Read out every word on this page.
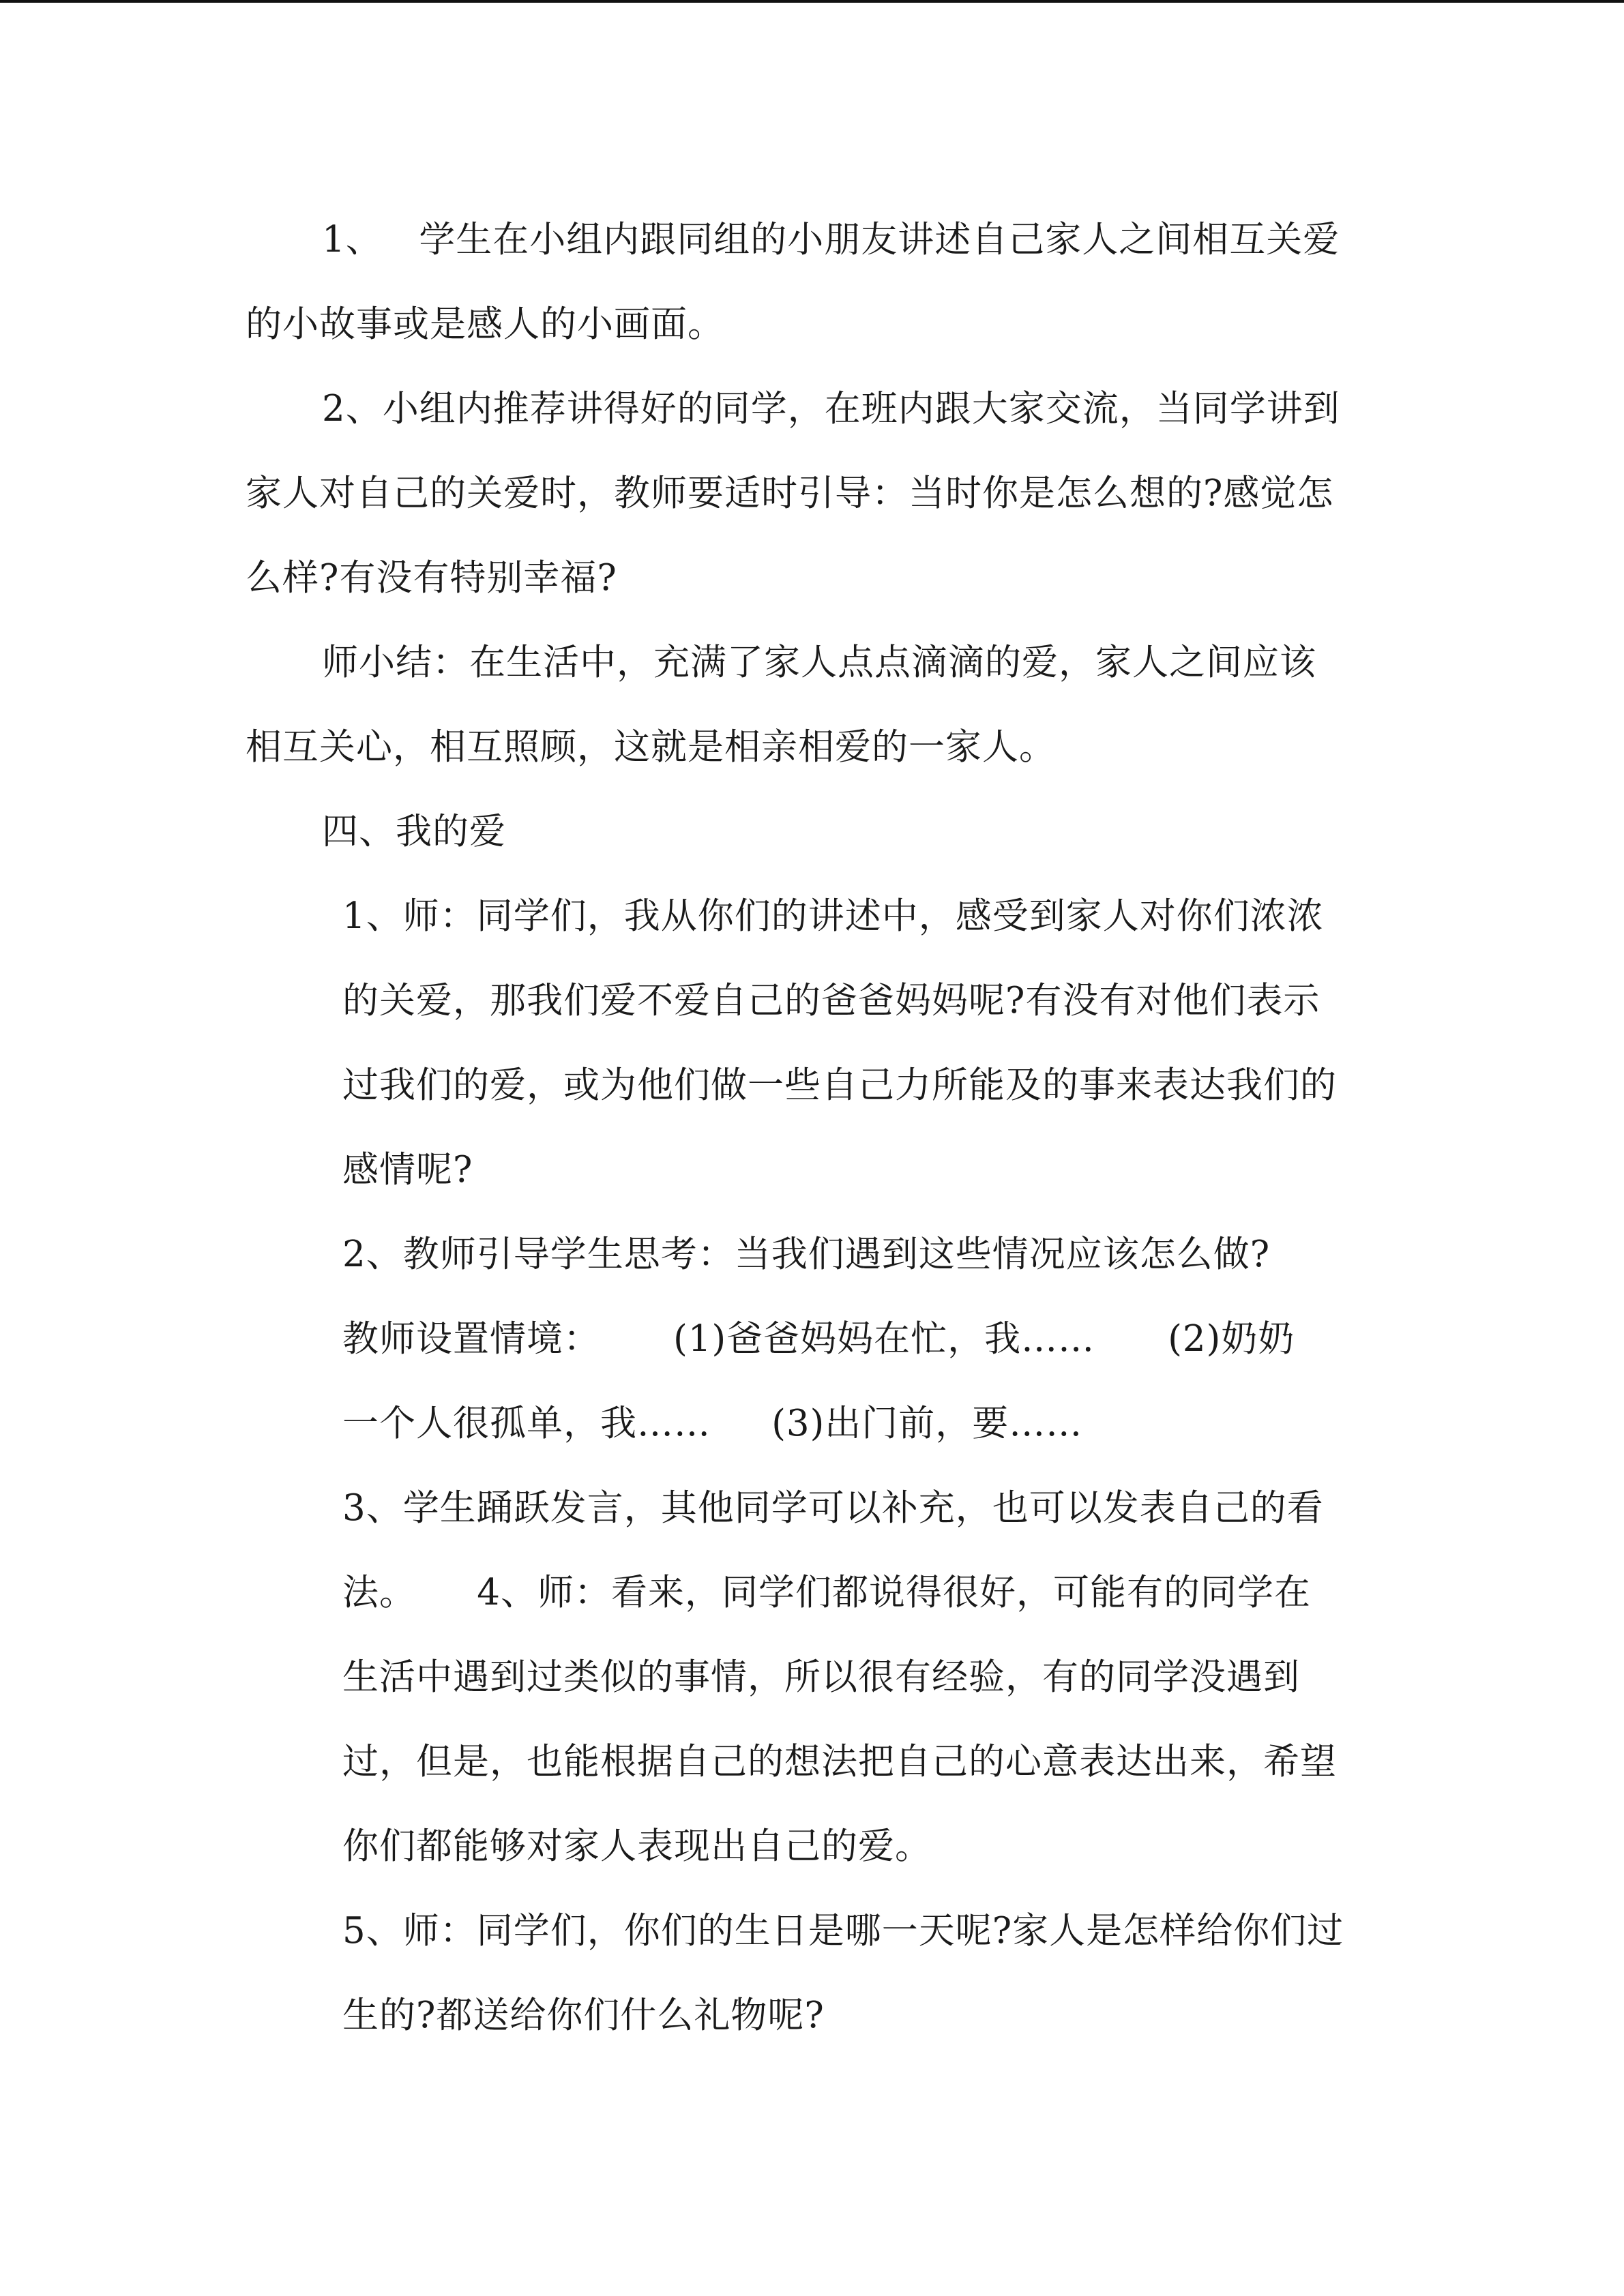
1、   学生在小组内跟同组的小朋友讲述自己家人之间相互关爱
的小故事或是感人的小画面。
2、小组内推荐讲得好的同学，在班内跟大家交流，当同学讲到
家人对自己的关爱时，教师要适时引导：当时你是怎么想的?感觉怎
么样?有没有特别幸福?
师小结：在生活中，充满了家人点点滴滴的爱，家人之间应该
相互关心，相互照顾，这就是相亲相爱的一家人。
四、我的爱
1、师：同学们，我从你们的讲述中，感受到家人对你们浓浓
的关爱，那我们爱不爱自己的爸爸妈妈呢?有没有对他们表示
过我们的爱，或为他们做一些自己力所能及的事来表达我们的
感情呢?
2、教师引导学生思考：当我们遇到这些情况应该怎么做?
教师设置情境：      (1)爸爸妈妈在忙，我……      (2)奶奶
一个人很孤单，我……     (3)出门前，要……
3、学生踊跃发言，其他同学可以补充，也可以发表自己的看
法。     4、师：看来，同学们都说得很好，可能有的同学在
生活中遇到过类似的事情，所以很有经验，有的同学没遇到
过，但是，也能根据自己的想法把自己的心意表达出来，希望
你们都能够对家人表现出自己的爱。
5、师：同学们，你们的生日是哪一天呢?家人是怎样给你们过
生的?都送给你们什么礼物呢?
